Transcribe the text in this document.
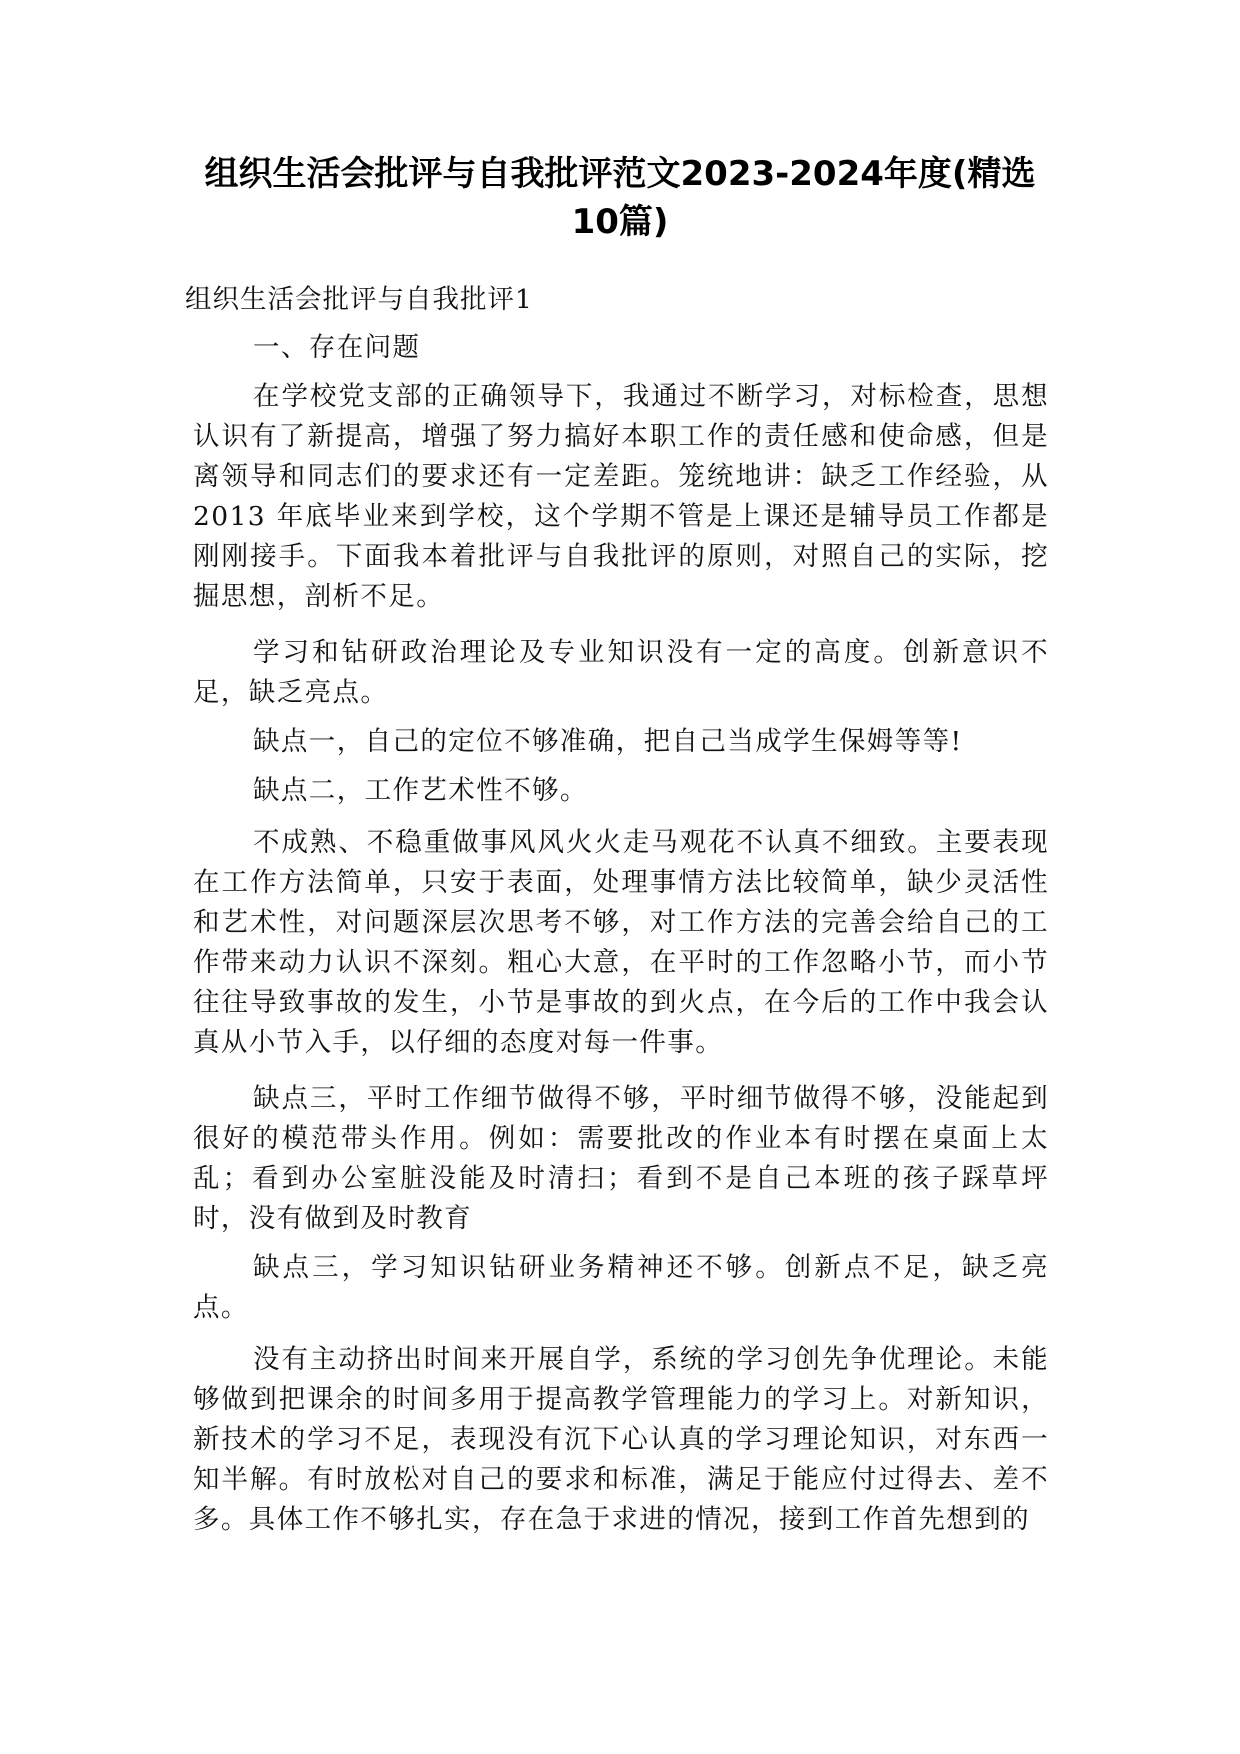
组织生活会批评与自我批评范文2023-2024年度(精选 10篇)

组织生活会批评与自我批评1

一、存在问题

在学校党支部的正确领导下，我通过不断学习，对标检查，思想认识有了新提高，增强了努力搞好本职工作的责任感和使命感，但是离领导和同志们的要求还有一定差距。笼统地讲：缺乏工作经验，从2013 年底毕业来到学校，这个学期不管是上课还是辅导员工作都是刚刚接手。下面我本着批评与自我批评的原则，对照自己的实际，挖掘思想，剖析不足。

学习和钻研政治理论及专业知识没有一定的高度。创新意识不足，缺乏亮点。

缺点一，自己的定位不够准确，把自己当成学生保姆等等!

缺点二，工作艺术性不够。

不成熟、不稳重做事风风火火走马观花不认真不细致。主要表现在工作方法简单，只安于表面，处理事情方法比较简单，缺少灵活性和艺术性，对问题深层次思考不够，对工作方法的完善会给自己的工作带来动力认识不深刻。粗心大意，在平时的工作忽略小节，而小节往往导致事故的发生，小节是事故的到火点，在今后的工作中我会认真从小节入手，以仔细的态度对每一件事。

缺点三，平时工作细节做得不够，平时细节做得不够，没能起到很好的模范带头作用。例如：需要批改的作业本有时摆在桌面上太乱；看到办公室脏没能及时清扫；看到不是自己本班的孩子踩草坪时，没有做到及时教育

缺点三，学习知识钻研业务精神还不够。创新点不足，缺乏亮点。

没有主动挤出时间来开展自学，系统的学习创先争优理论。未能够做到把课余的时间多用于提高教学管理能力的学习上。对新知识，新技术的学习不足，表现没有沉下心认真的学习理论知识，对东西一知半解。有时放松对自己的要求和标准，满足于能应付过得去、差不多。具体工作不够扎实，存在急于求进的情况，接到工作首先想到的
